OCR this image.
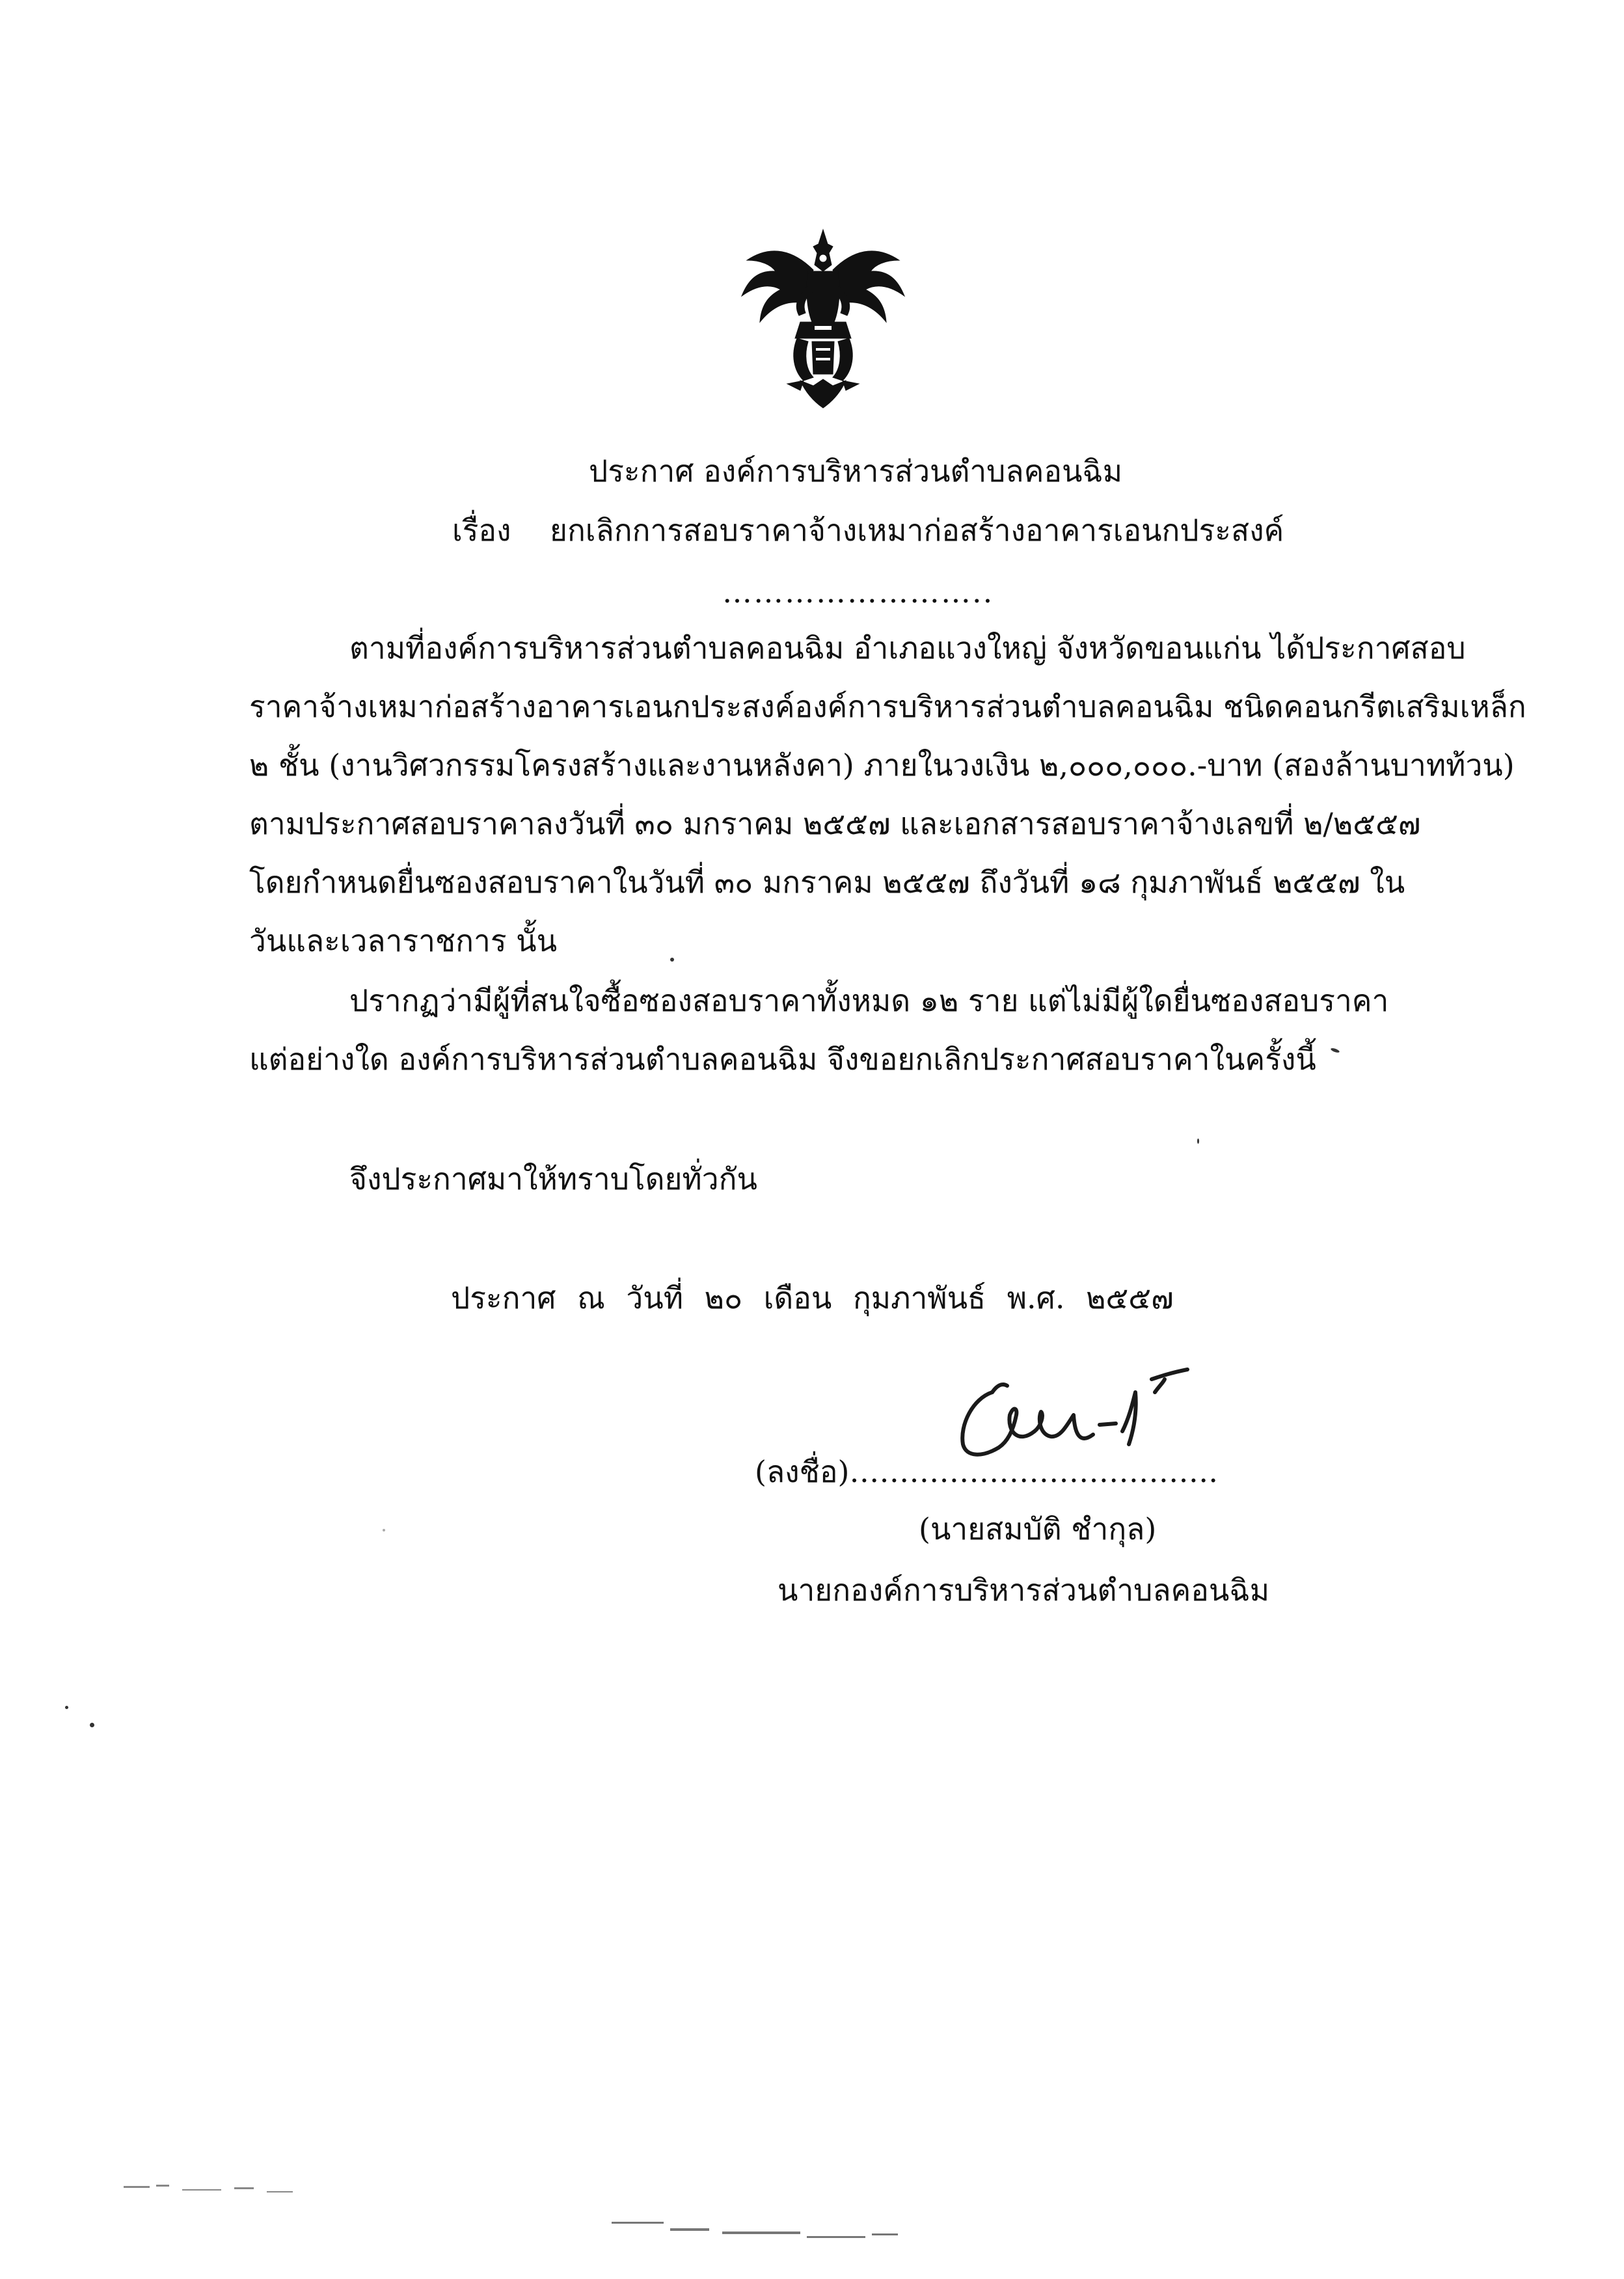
ประกาศ องค์การบริหารส่วนตำบลคอนฉิม
เรื่อง ยกเลิกการสอบราคาจ้างเหมาก่อสร้างอาคารเอนกประสงค์
……………………..
ตามที่องค์การบริหารส่วนตำบลคอนฉิม อำเภอแวงใหญ่ จังหวัดขอนแก่น ได้ประกาศสอบ
ราคาจ้างเหมาก่อสร้างอาคารเอนกประสงค์องค์การบริหารส่วนตำบลคอนฉิม ชนิดคอนกรีตเสริมเหล็ก
๒ ชั้น (งานวิศวกรรมโครงสร้างและงานหลังคา) ภายในวงเงิน ๒,๐๐๐,๐๐๐.-บาท (สองล้านบาทท้วน)
ตามประกาศสอบราคาลงวันที่ ๓๐ มกราคม ๒๕๕๗ และเอกสารสอบราคาจ้างเลขที่ ๒/๒๕๕๗
โดยกำหนดยื่นซองสอบราคาในวันที่ ๓๐ มกราคม ๒๕๕๗ ถึงวันที่ ๑๘ กุมภาพันธ์ ๒๕๕๗ ใน
วันและเวลาราชการ นั้น
ปรากฏว่ามีผู้ที่สนใจซื้อซองสอบราคาทั้งหมด ๑๒ ราย แต่ไม่มีผู้ใดยื่นซองสอบราคา
แต่อย่างใด องค์การบริหารส่วนตำบลคอนฉิม จึงขอยกเลิกประกาศสอบราคาในครั้งนี้
จึงประกาศมาให้ทราบโดยทั่วกัน
ประกาศ ณ วันที่ ๒๐ เดือน กุมภาพันธ์ พ.ศ. ๒๕๕๗
(ลงชื่อ)……………………………….
(นายสมบัติ ชำกุล)
นายกองค์การบริหารส่วนตำบลคอนฉิม
